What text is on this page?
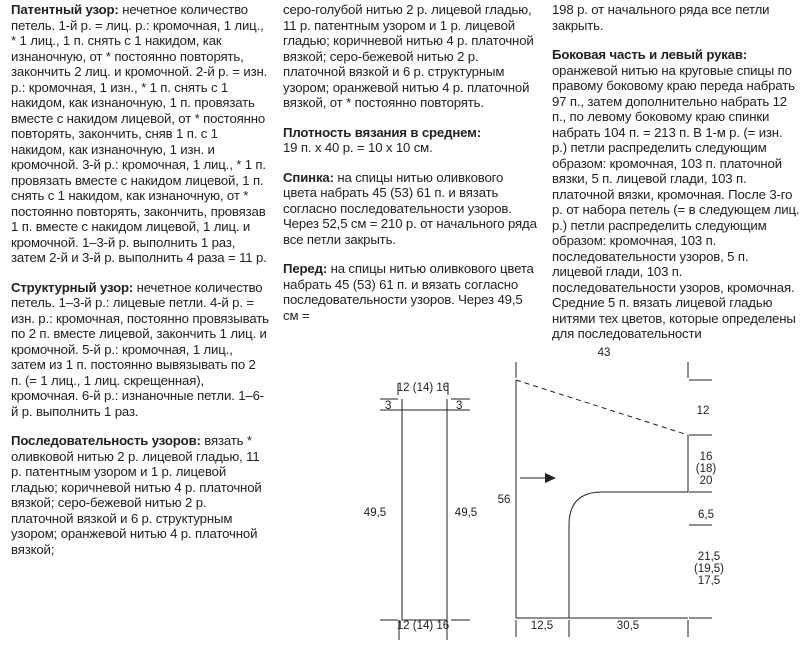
Патентный узор: нечетное количество петель. 1-й р. = лиц. р.: кромочная, 1 лиц., * 1 лиц., 1 п. снять с 1 накидом, как изнаночную, от * постоянно повторять, закончить 2 лиц. и кромочной. 2-й р. = изн. р.: кромочная, 1 изн., * 1 п. снять с 1 накидом, как изнаночную, 1 п. провязать вместе с накидом лицевой, от * постоянно повторять, закончить, сняв 1 п. с 1 накидом, как изнаночную, 1 изн. и кромочной. 3-й р.: кромочная, 1 лиц., * 1 п. провязать вместе с накидом лицевой, 1 п. снять с 1 накидом, как изнаночную, от * постоянно повторять, закончить, провязав 1 п. вместе с накидом лицевой, 1 лиц. и кромочной. 1–3-й р. выполнить 1 раз, затем 2-й и 3-й р. выполнить 4 раза = 11 р.

Структурный узор: нечетное количество петель. 1–3-й р.: лицевые петли. 4-й р. = изн. р.: кромочная, постоянно провязывать по 2 п. вместе лицевой, закончить 1 лиц. и кромочной. 5-й р.: кромочная, 1 лиц., затем из 1 п. постоянно вывязывать по 2 п. (= 1 лиц., 1 лиц. скрещенная), кромочная. 6-й р.: изнаночные петли. 1–6-й р. выполнить 1 раз.

Последовательность узоров: вязать * оливковой нитью 2 р. лицевой гладью, 11 р. патентным узором и 1 р. лицевой гладью; коричневой нитью 4 р. платочной вязкой; серо-бежевой нитью 2 р. платочной вязкой и 6 р. структурным узором; оранжевой нитью 4 р. платочной вязкой;

серо-голубой нитью 2 р. лицевой гладью, 11 р. патентным узором и 1 р. лицевой гладью; коричневой нитью 4 р. платочной вязкой; серо-бежевой нитью 2 р. платочной вязкой и 6 р. структурным узором; оранжевой нитью 4 р. платочной вязкой, от * постоянно повторять.

Плотность вязания в среднем:
19 п. х 40 р. = 10 х 10 см.

Спинка: на спицы нитью оливкового цвета набрать 45 (53) 61 п. и вязать согласно последовательности узоров. Через 52,5 см = 210 р. от начального ряда все петли закрыть.

Перед: на спицы нитью оливкового цвета набрать 45 (53) 61 п. и вязать согласно последовательности узоров. Через 49,5 см =

198 р. от начального ряда все петли закрыть.

Боковая часть и левый рукав:
оранжевой нитью на круговые спицы по правому боковому краю переда набрать 97 п., затем дополнительно набрать 12 п., по левому боковому краю спинки набрать 104 п. = 213 п. В 1-м р. (= изн. р.) петли распределить следующим образом: кромочная, 103 п. платочной вязки, 5 п. лицевой глади, 103 п. платочной вязки, кромочная. После 3-го р. от набора петель (= в следующем лиц. р.) петли распределить следующим образом: кромочная, 103 п. последовательности узоров, 5 п. лицевой глади, 103 п. последовательности узоров, кромочная. Средние 5 п. вязать лицевой гладью нитями тех цветов, которые определены для последовательности

12 (14) 16
12 (14) 16
3	3
49,5	49,5
43
12
16
(18)
20
6,5
21,5
(19,5)
17,5
56
12,5	30,5
